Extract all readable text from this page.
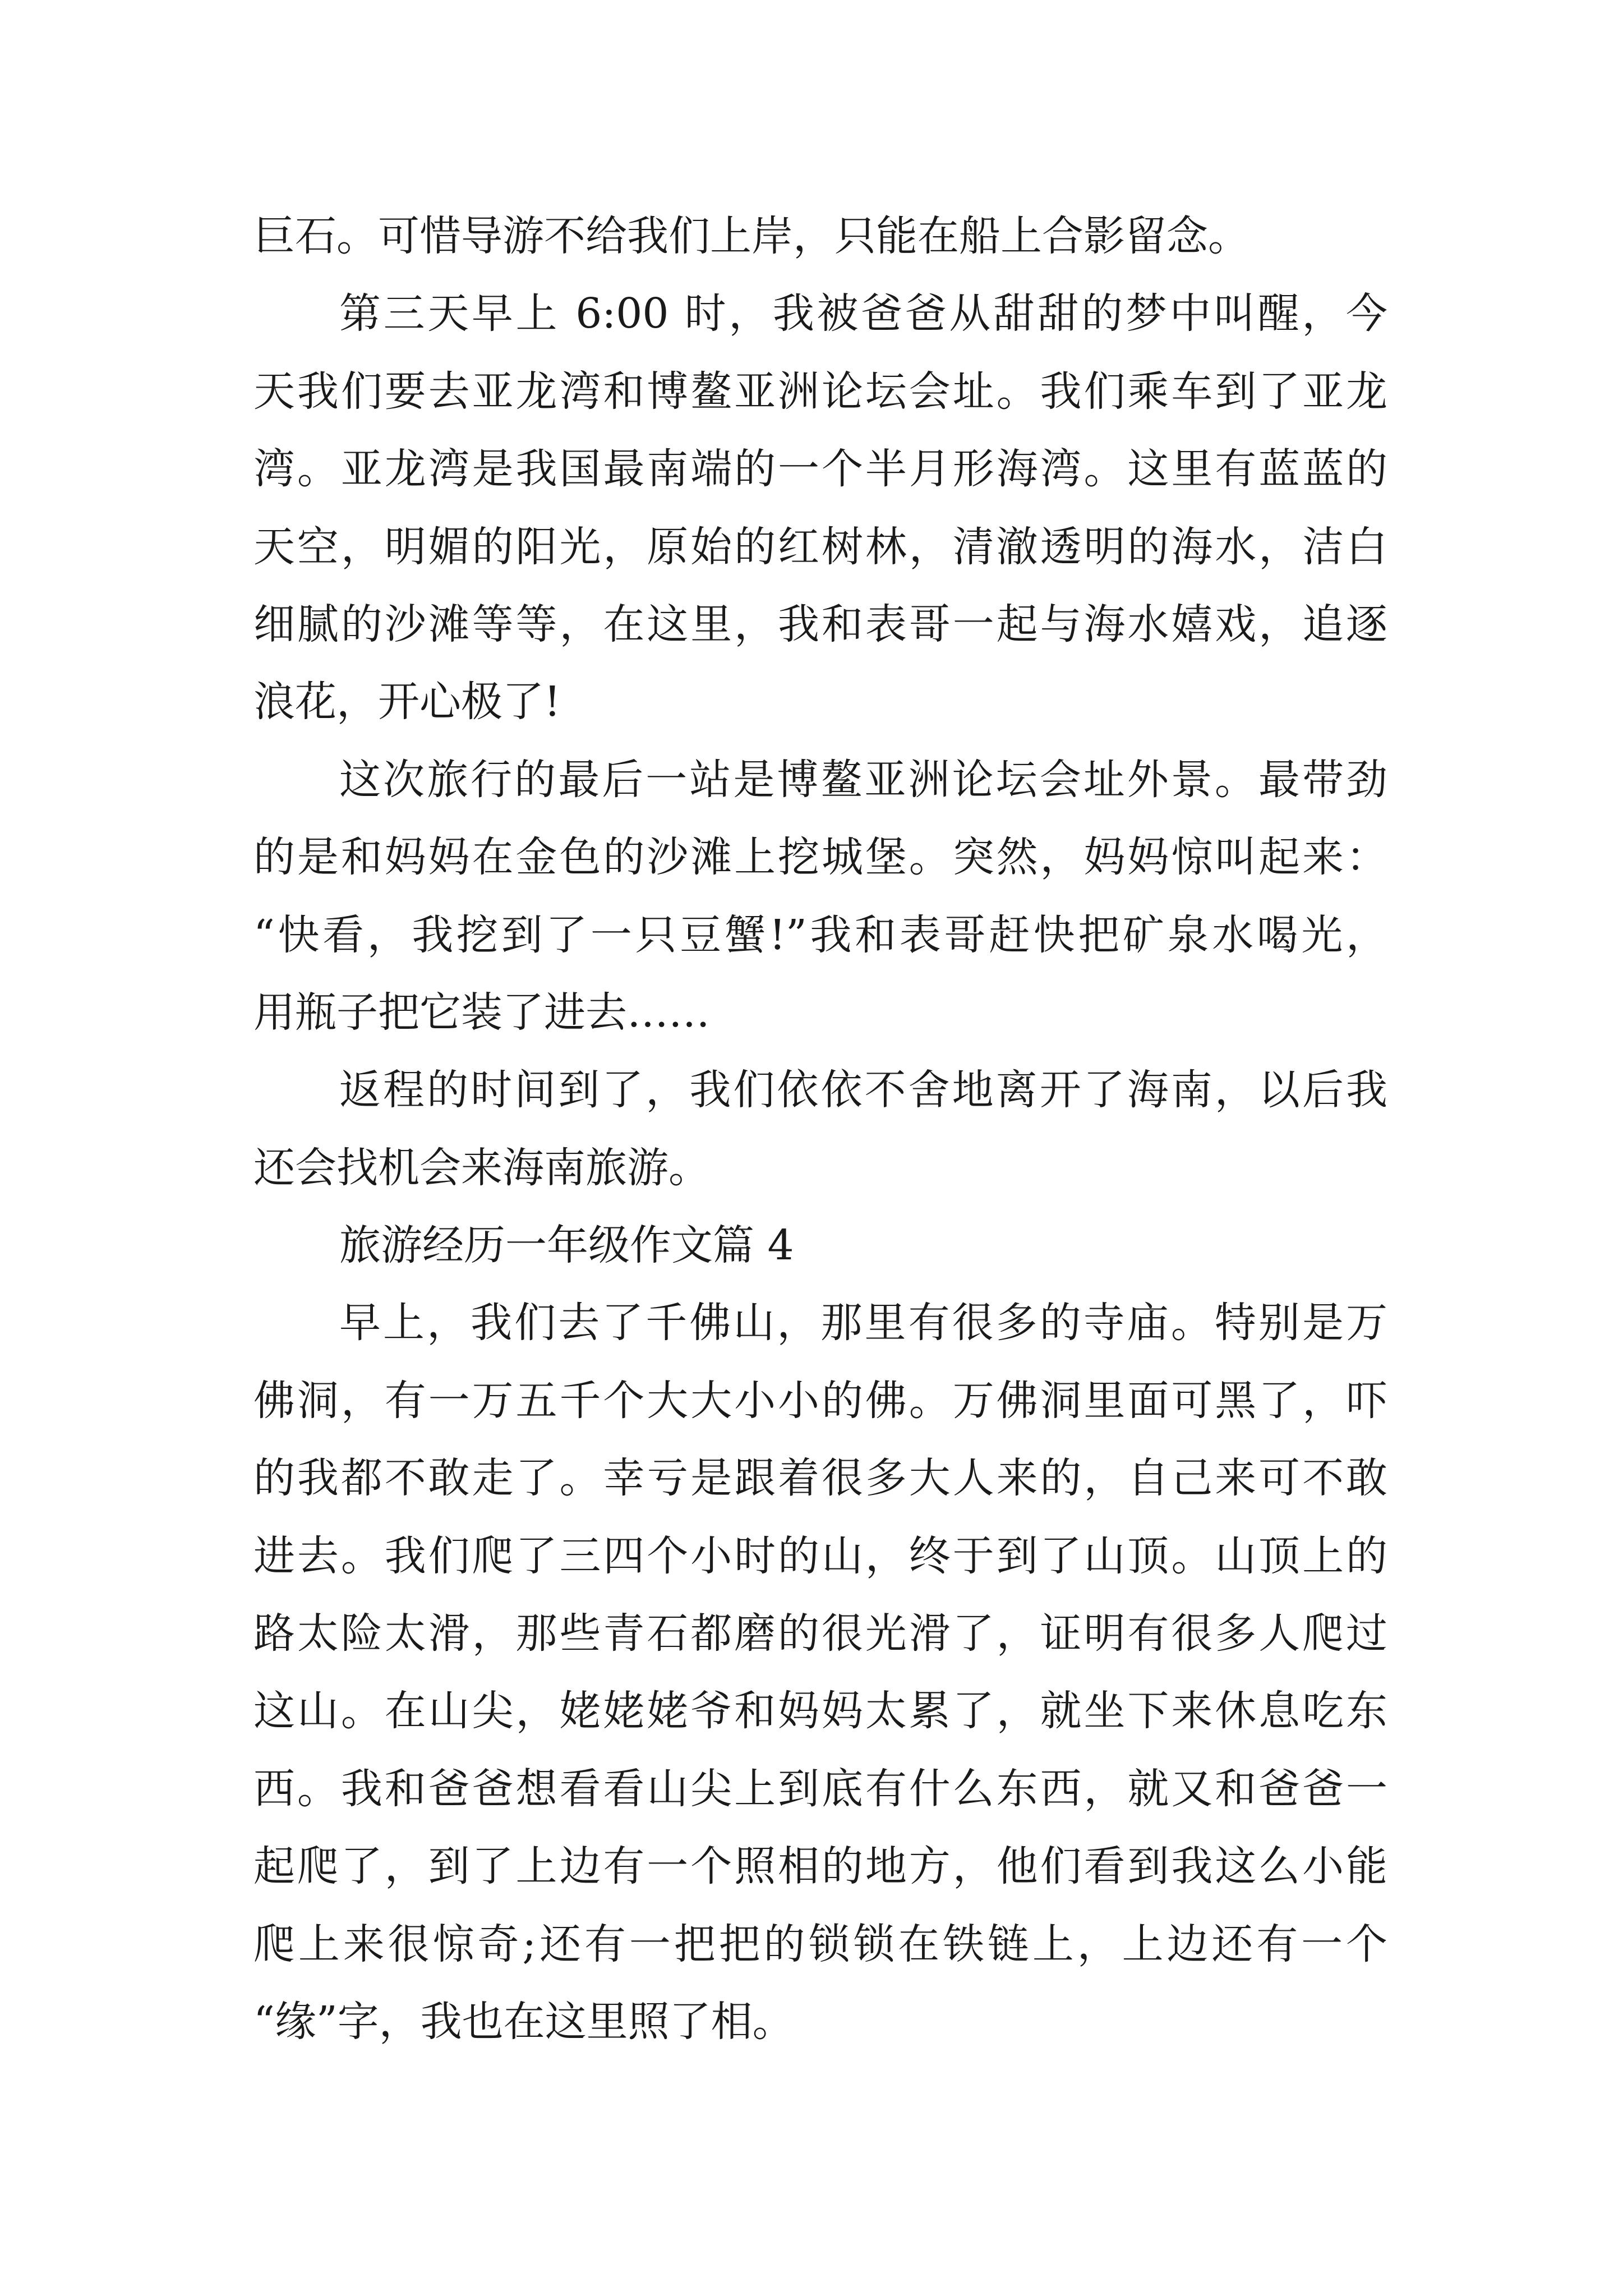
巨石。可惜导游不给我们上岸，只能在船上合影留念。
第三天早上 6:00 时，我被爸爸从甜甜的梦中叫醒，今
天我们要去亚龙湾和博鳌亚洲论坛会址。我们乘车到了亚龙
湾。亚龙湾是我国最南端的一个半月形海湾。这里有蓝蓝的
天空，明媚的阳光，原始的红树林，清澈透明的海水，洁白
细腻的沙滩等等，在这里，我和表哥一起与海水嬉戏，追逐
浪花，开心极了!
这次旅行的最后一站是博鳌亚洲论坛会址外景。最带劲
的是和妈妈在金色的沙滩上挖城堡。突然，妈妈惊叫起来：
“快看，我挖到了一只豆蟹!”我和表哥赶快把矿泉水喝光，
用瓶子把它装了进去……
返程的时间到了，我们依依不舍地离开了海南，以后我
还会找机会来海南旅游。
旅游经历一年级作文篇 4
早上，我们去了千佛山，那里有很多的寺庙。特别是万
佛洞，有一万五千个大大小小的佛。万佛洞里面可黑了，吓
的我都不敢走了。幸亏是跟着很多大人来的，自己来可不敢
进去。我们爬了三四个小时的山，终于到了山顶。山顶上的
路太险太滑，那些青石都磨的很光滑了，证明有很多人爬过
这山。在山尖，姥姥姥爷和妈妈太累了，就坐下来休息吃东
西。我和爸爸想看看山尖上到底有什么东西，就又和爸爸一
起爬了，到了上边有一个照相的地方，他们看到我这么小能
爬上来很惊奇;还有一把把的锁锁在铁链上，上边还有一个
“缘”字，我也在这里照了相。
